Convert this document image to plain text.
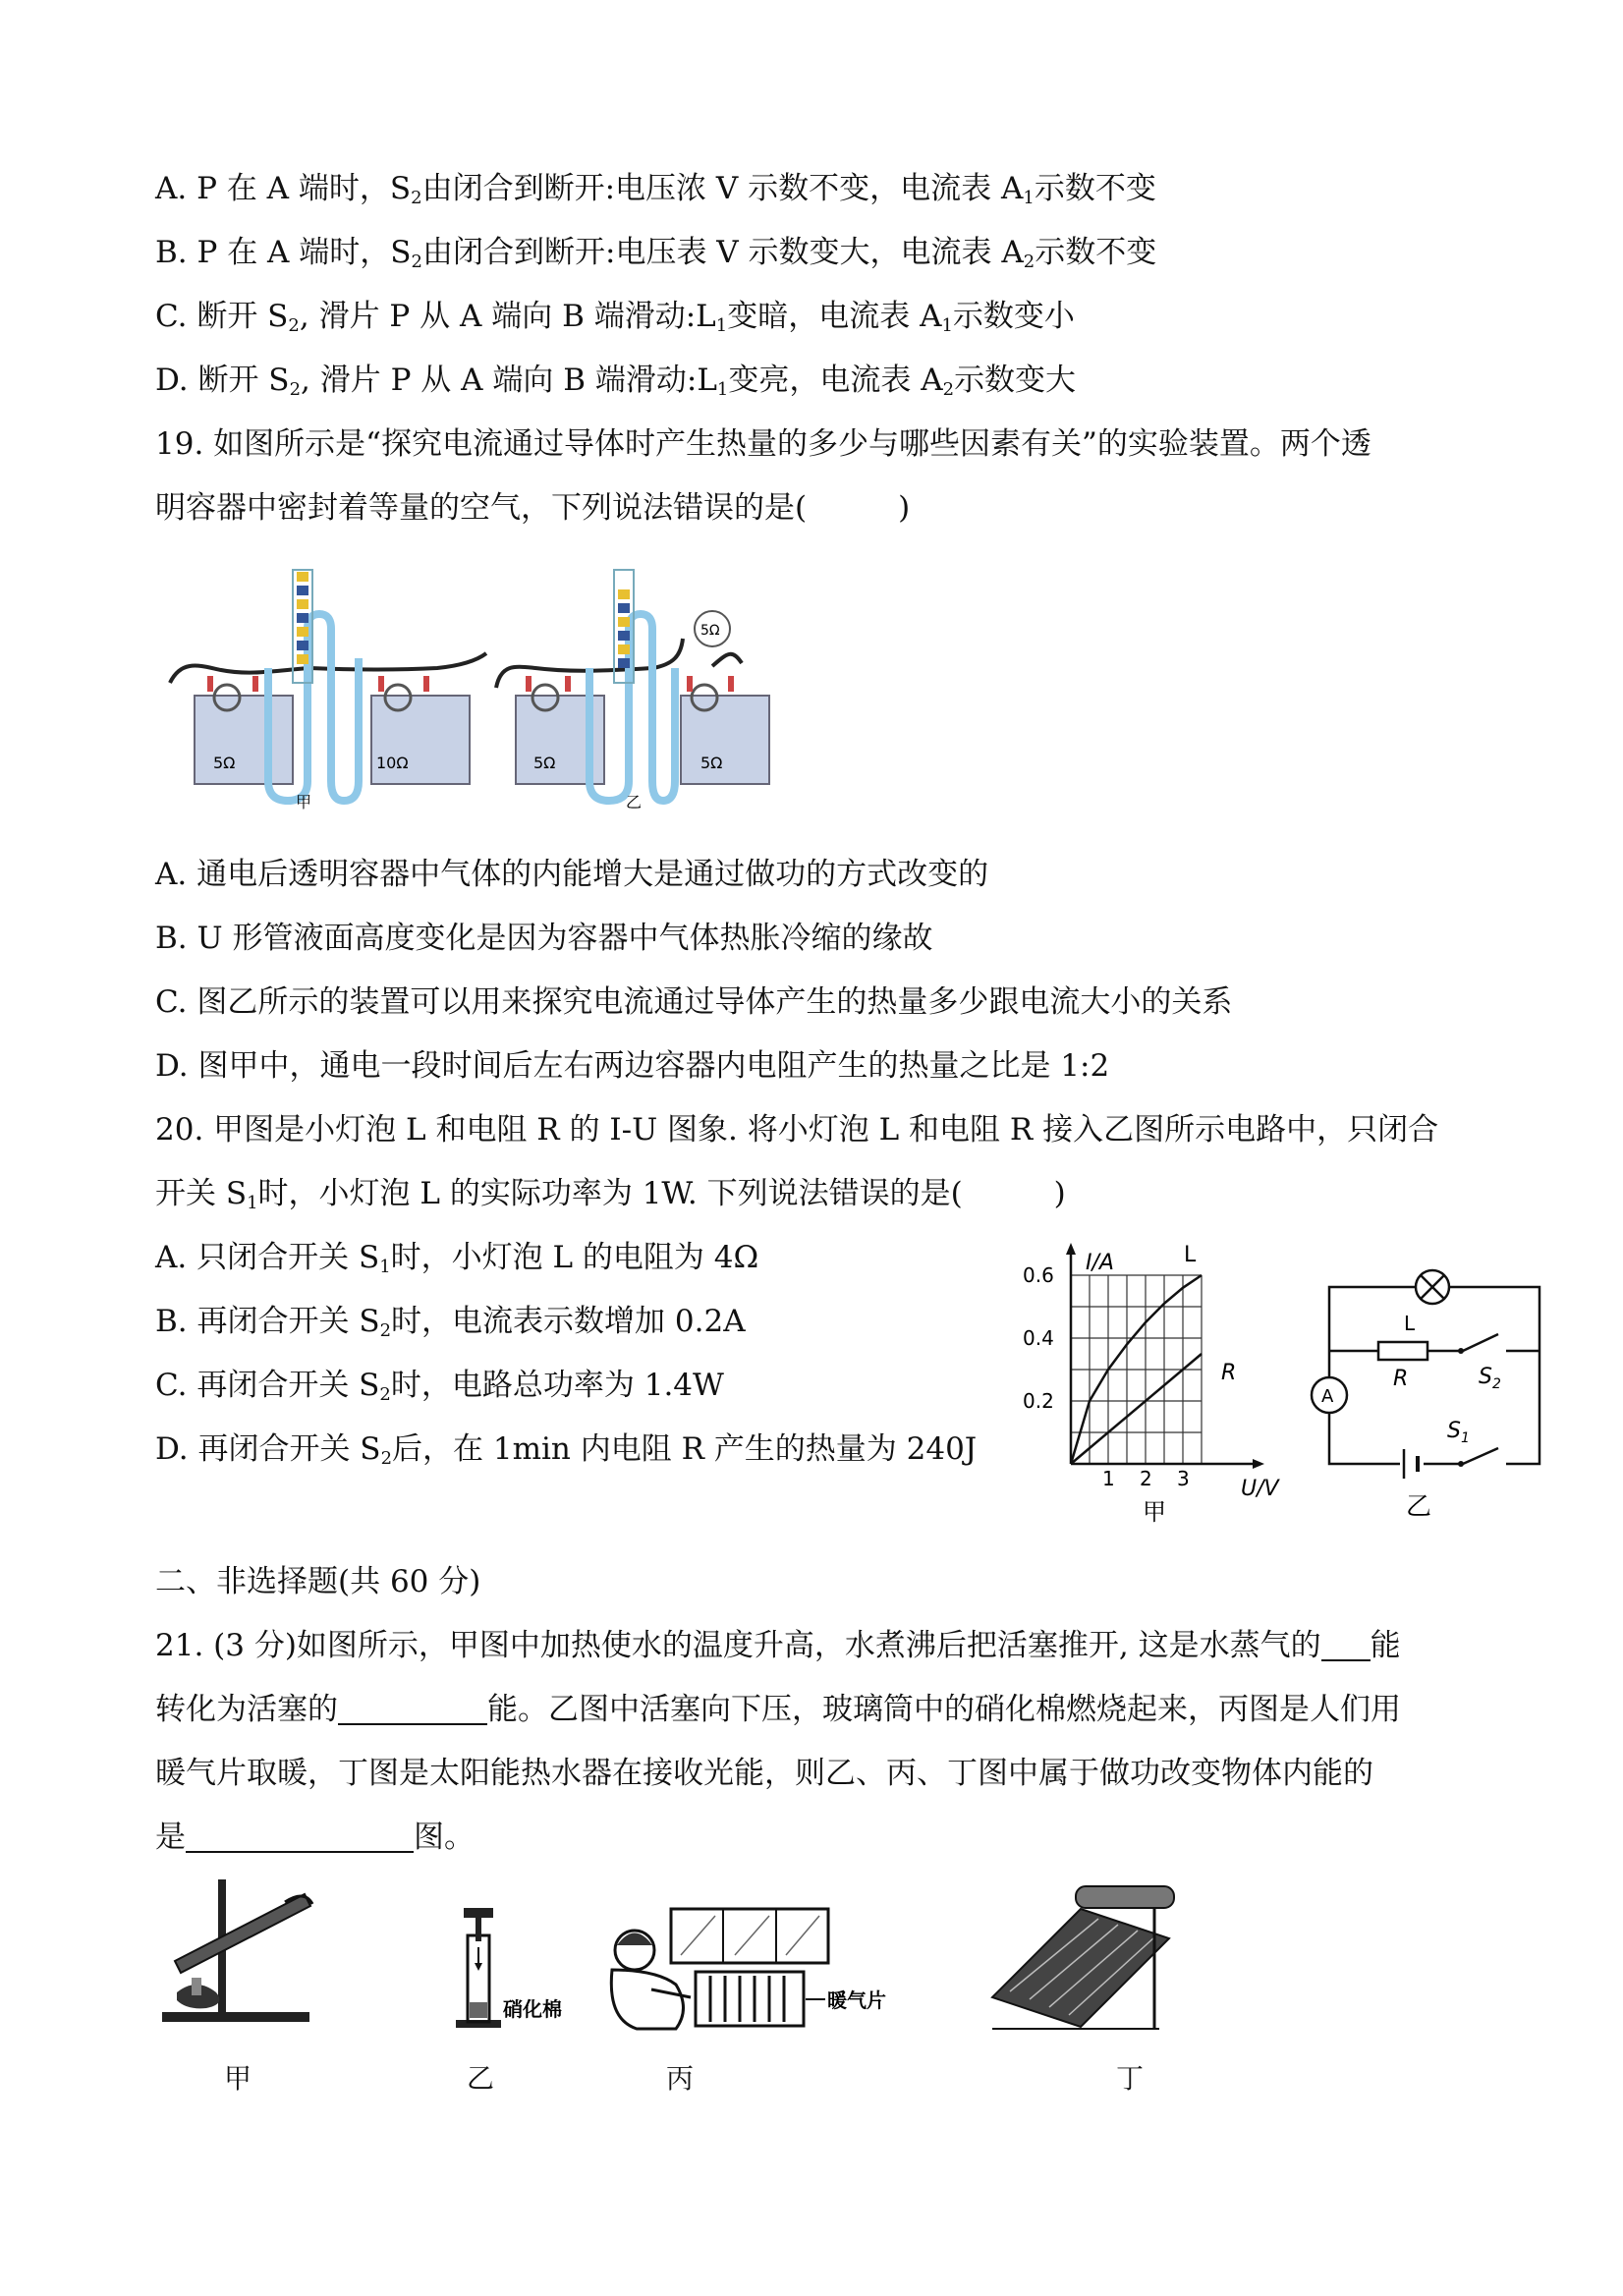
A. P 在 A 端时，$S_2$由闭合到断开:电压浓 V 示数不变，电流表 $A_1$示数不变
B. P 在 A 端时，$S_2$由闭合到断开:电压表 V 示数变大，电流表 $A_2$示数不变
C. 断开 $S_2$, 滑片 P 从 A 端向 B 端滑动$:L_1$变暗，电流表 $A_1$示数变小
D. 断开 $S_2$, 滑片 P 从 A 端向 B 端滑动$:L_1$变亮，电流表 $A_2$示数变大
19. 如图所示是“探究电流通过导体时产生热量的多少与哪些因素有关”的实验装置。两个透
明容器中密封着等量的空气，下列说法错误的是(　　　)
5Ω	10Ω
甲
5Ω	5Ω
5Ω
乙
A. 通电后透明容器中气体的内能增大是通过做功的方式改变的
B. U 形管液面高度变化是因为容器中气体热胀冷缩的缘故
C. 图乙所示的装置可以用来探究电流通过导体产生的热量多少跟电流大小的关系
D. 图甲中，通电一段时间后左右两边容器内电阻产生的热量之比是 1:2
20. 甲图是小灯泡 L 和电阻 R 的 I-U 图象. 将小灯泡 L 和电阻 R 接入乙图所示电路中，只闭合
开关 $S_1$时，小灯泡 L 的实际功率为 1W. 下列说法错误的是(　　　)
A. 只闭合开关 $S_1$时，小灯泡 L 的电阻为 4Ω
B. 再闭合开关 $S_2$时，电流表示数增加 0.2A
C. 再闭合开关 $S_2$时，电路总功率为 1.4W
D. 再闭合开关 $S_2$后，在 1min 内电阻 R 产生的热量为 240J
I/A
U/V
0.2
0.4
0.6
1 2 3
L
R
甲
L
R	$S_2$
A
$S_1$
乙
二、非选择题(共 60 分)
21. (3 分)如图所示，甲图中加热使水的温度升高，水煮沸后把活塞推开, 这是水蒸气的 能
转化为活塞的	能。乙图中活塞向下压，玻璃筒中的硝化棉燃烧起来，丙图是人们用
暖气片取暖，丁图是太阳能热水器在接收光能，则乙、丙、丁图中属于做功改变物体内能的
是	图。
甲
硝化棉
乙
暖气片
丙	丁
